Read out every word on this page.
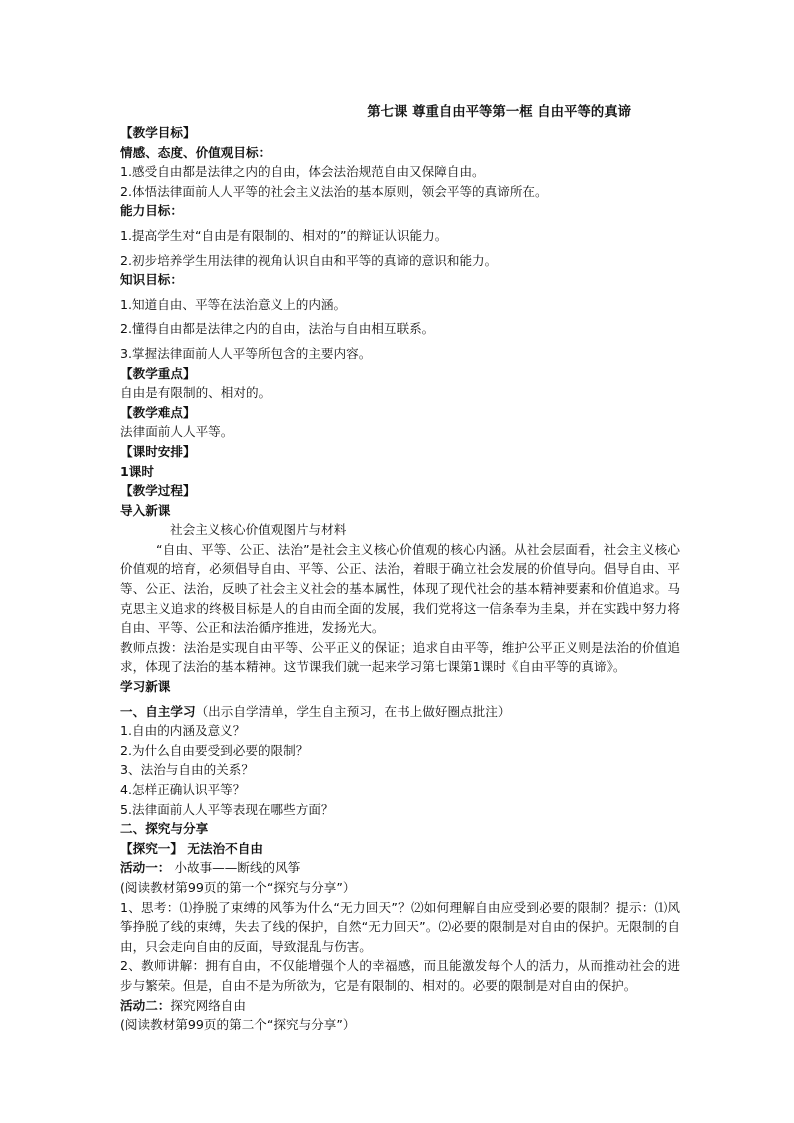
第七课 尊重自由平等第一框 自由平等的真谛
【教学目标】
情感、态度、价值观目标：
1.感受自由都是法律之内的自由，体会法治规范自由又保障自由。
2.体悟法律面前人人平等的社会主义法治的基本原则，领会平等的真谛所在。
能力目标：
1.提高学生对“自由是有限制的、相对的”的辩证认识能力。
2.初步培养学生用法律的视角认识自由和平等的真谛的意识和能力。
知识目标：
1.知道自由、平等在法治意义上的内涵。
2.懂得自由都是法律之内的自由，法治与自由相互联系。
3.掌握法律面前人人平等所包含的主要内容。
【教学重点】
自由是有限制的、相对的。
【教学难点】
法律面前人人平等。
【课时安排】
1课时
【教学过程】
导入新课
社会主义核心价值观图片与材料
“自由、平等、公正、法治”是社会主义核心价值观的核心内涵。从社会层面看，社会主义核心价值观的培育，必须倡导自由、平等、公正、法治，着眼于确立社会发展的价值导向。倡导自由、平等、公正、法治，反映了社会主义社会的基本属性，体现了现代社会的基本精神要素和价值追求。马克思主义追求的终极目标是人的自由而全面的发展，我们党将这一信条奉为圭臬，并在实践中努力将自由、平等、公正和法治循序推进，发扬光大。
教师点拨：法治是实现自由平等、公平正义的保证；追求自由平等，维护公平正义则是法治的价值追求，体现了法治的基本精神。这节课我们就一起来学习第七课第1课时《自由平等的真谛》。
学习新课
一、自主学习（出示自学清单，学生自主预习，在书上做好圈点批注）
1.自由的内涵及意义？
2.为什么自由要受到必要的限制？
3、法治与自由的关系？
4.怎样正确认识平等？
5.法律面前人人平等表现在哪些方面？
二、探究与分享
【探究一】 无法治不自由
活动一： 小故事——断线的风筝
(阅读教材第99页的第一个“探究与分享”）
1、思考：⑴挣脱了束缚的风筝为什么“无力回天”？⑵如何理解自由应受到必要的限制？提示：⑴风筝挣脱了线的束缚，失去了线的保护，自然“无力回天”。⑵必要的限制是对自由的保护。无限制的自由，只会走向自由的反面，导致混乱与伤害。
2、教师讲解：拥有自由，不仅能增强个人的幸福感，而且能激发每个人的活力，从而推动社会的进步与繁荣。但是，自由不是为所欲为，它是有限制的、相对的。必要的限制是对自由的保护。
活动二：探究网络自由
(阅读教材第99页的第二个“探究与分享”）
